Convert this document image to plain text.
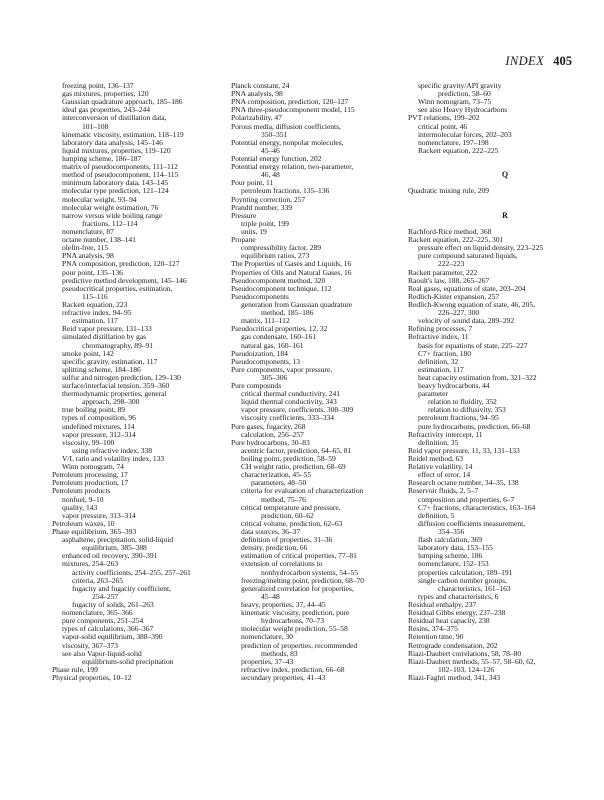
INDEX 405
freezing point, 136–137
gas mixtures, properties, 120
Gaussian quadrature approach, 185–186
ideal gas properties, 243–244
interconversion of distillation data,
101–108
kinematic viscosity, estimation, 118–119
laboratory data analysis, 145–146
liquid mixtures, properties, 119–120
lumping scheme, 186–187
matrix of pseudocomponents, 111–112
method of pseudocomponent, 114–115
minimum laboratory data, 143–145
molecular type prediction, 121–124
molecular weight, 93–94
molecular weight estimation, 76
narrow versus wide boiling range
fractions, 112–114
nomenclature, 87
octane number, 138–141
olefin-free, 115
PNA analysis, 98
PNA composition, prediction, 120–127
pour point, 135–136
predictive method development, 145–146
pseudocritical properties, estimation,
115–116
Rackett equation, 223
refractive index, 94–95
estimation, 117
Reid vapor pressure, 131–133
simulated distillation by gas
chromatography, 89–91
smoke point, 142
specific gravity, estimation, 117
splitting scheme, 184–186
sulfur and nitrogen prediction, 129–130
surface/interfacial tension, 359–360
thermodynamic properties, general
approach, 298–300
true boiling point, 89
types of composition, 96
undefined mixtures, 114
vapor pressure, 312–314
viscosity, 99–100
using refractive index, 338
V/L ratio and volatility index, 133
Winn nomogram, 74
Petroleum processing, 17
Petroleum production, 17
Petroleum products
nonfuel, 9–10
quality, 143
vapor pressure, 313–314
Petroleum waxes, 10
Phase equilibrium, 365–393
asphaltene, precipitation, solid-liquid
equilibrium, 385–388
enhanced oil recovery, 390–391
mixtures, 254–263
activity coefficients, 254–255, 257–261
criteria, 263–265
fugacity and fugacity coefficient,
254–257
fugacity of solids, 261–263
nomenclature, 365–366
pure components, 251–254
types of calculations, 366–367
vapor-solid equilibrium, 388–390
viscosity, 367–373
see also Vapor-liquid-solid
equilibrium-solid precipitation
Phase rule, 199
Physical properties, 10–12
Planck constant, 24
PNA analysis, 98
PNA composition, prediction, 120–127
PNA three-pseudocomponent model, 115
Polarizability, 47
Porous media, diffusion coefficients,
350–351
Potential energy, nonpolar molecules,
45–46
Potential energy function, 202
Potential energy relation, two-parameter,
46, 48
Pour point, 11
petroleum fractions, 135–136
Poynting correction, 257
Prandtl number, 339
Pressure
triple point, 199
units, 19
Propane
compressibility factor, 289
equilibrium ratios, 273
The Properties of Gases and Liquids, 16
Properties of Oils and Natural Gases, 16
Pseudocomponent method, 320
Pseudocomponent technique, 112
Pseudocomponents
generation from Gaussian quadrature
method, 185–186
matrix, 111–112
Pseudocritical properties, 12, 32
gas condensate, 160–161
natural gas, 160–161
Pseudoization, 184
Pseudocomponents, 13
Pure components, vapor pressure,
305–306
Pure compounds
critical thermal conductivity, 241
liquid thermal conductivity, 343
vapor pressure, coefficients, 308–309
viscosity coefficients, 333–334
Pure gases, fugacity, 268
calculation, 256–257
Pure hydrocarbons, 30–83
acentric factor, prediction, 64–65, 81
boiling point, prediction, 58–59
CH weight ratio, prediction, 68–69
characterization, 45–55
parameters, 48–50
criteria for evaluation of characterization
method, 75–76
critical temperature and pressure,
prediction, 60–62
critical volume, prediction, 62–63
data sources, 36–37
definition of properties, 31–36
density, prediction, 66
estimation of critical properties, 77–81
extension of correlations to
nonhydrocarbon systems, 54–55
freezing/melting point, prediction, 68–70
generalized correlation for properties,
45–48
heavy, properties, 37, 44–45
kinematic viscosity, prediction, pure
hydrocarbons, 70–73
molecular weight prediction, 55–58
nomenclature, 30
prediction of properties, recommended
methods, 83
properties, 37–43
refractive index, prediction, 66–68
secondary properties, 41–43
specific gravity/API gravity
prediction, 58–60
Winn nomogram, 73–75
see also Heavy Hydrocarbons
PVT relations, 199–202
critical point, 46
intermolecular forces, 202–203
nomenclature, 197–198
Rackett equation, 222–225
Q
Quadratic mixing rule, 209
R
Rachford-Rice method, 368
Rackett equation, 222–225, 301
pressure effect on liquid density, 223–225
pure compound saturated liquids,
222–223
Rackett parameter, 222
Raoult's law, 188, 265–267
Real gases, equations of state, 203–204
Redlich-Kister expansion, 257
Redlich-Kwong equation of state, 46, 205,
226–227, 300
velocity of sound data, 289–292
Refining processes, 7
Refractive index, 11
basis for equations of state, 225–227
C7+ fraction, 180
definition, 32
estimation, 117
heat capacity estimation from, 321–322
heavy hydrocarbons, 44
parameter
relation to fluidity, 352
relation to diffusivity, 353
petroleum fractions, 94–95
pure hydrocarbons, prediction, 66–68
Refractivity intercept, 11
definition, 35
Reid vapor pressure, 11, 33, 131–133
Reidel method, 63
Relative volatility, 14
effect of error, 14
Research octane number, 34–35, 138
Reservoir fluids, 2, 5–7
composition and properties, 6–7
C7+ fractions, characteristics, 163–164
definition, 5
diffusion coefficients measurement,
354–356
flash calculation, 369
laboratory data, 153–155
lumping scheme, 186
nomenclature, 152–153
properties calculation, 189–191
single carbon number groups,
characteristics, 161–163
types and characteristics, 6
Residual enthalpy, 237
Residual Gibbs energy, 237–238
Residual heat capacity, 238
Resins, 374–375
Retention time, 90
Retrograde condensation, 202
Riazi-Daubert correlations, 58, 78–80
Riazi-Daubert methods, 55–57, 58–60, 62,
102–103, 124–126
Riazi-Faghri method, 341, 343
